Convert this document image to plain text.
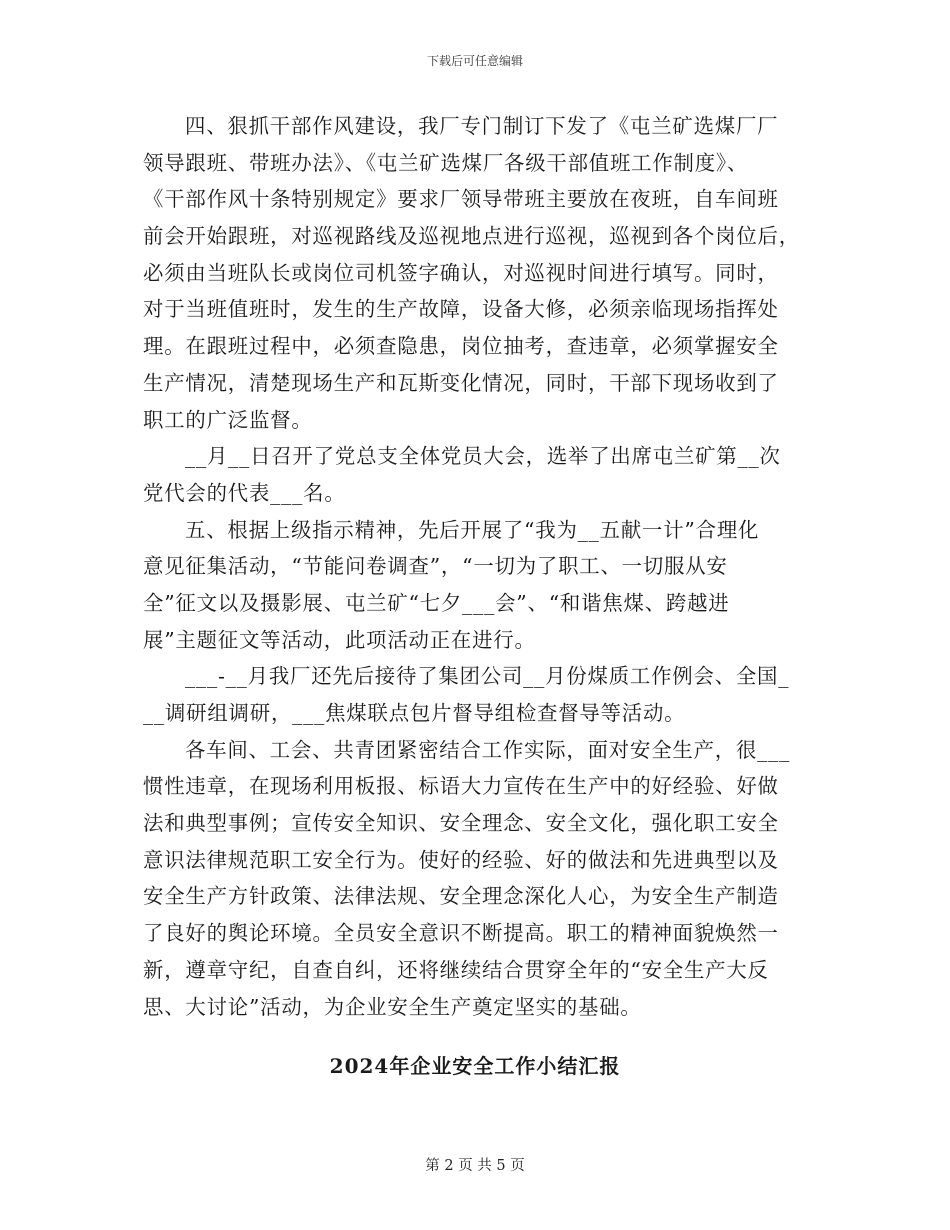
下载后可任意编辑
四、狠抓干部作风建设，我厂专门制订下发了《屯兰矿选煤厂厂
领导跟班、带班办法》、《屯兰矿选煤厂各级干部值班工作制度》、
《干部作风十条特别规定》要求厂领导带班主要放在夜班，自车间班
前会开始跟班，对巡视路线及巡视地点进行巡视，巡视到各个岗位后，
必须由当班队长或岗位司机签字确认，对巡视时间进行填写。同时，
对于当班值班时，发生的生产故障，设备大修，必须亲临现场指挥处
理。在跟班过程中，必须查隐患，岗位抽考，查违章，必须掌握安全
生产情况，清楚现场生产和瓦斯变化情况，同时，干部下现场收到了
职工的广泛监督。
__月__日召开了党总支全体党员大会，选举了出席屯兰矿第__次
党代会的代表___名。
五、根据上级指示精神，先后开展了“我为__五献一计”合理化
意见征集活动，“节能问卷调查”，“一切为了职工、一切服从安
全”征文以及摄影展、屯兰矿“七夕___会”、“和谐焦煤、跨越进
展”主题征文等活动，此项活动正在进行。
___-__月我厂还先后接待了集团公司__月份煤质工作例会、全国_
__调研组调研，___焦煤联点包片督导组检查督导等活动。
各车间、工会、共青团紧密结合工作实际，面对安全生产，很___
惯性违章，在现场利用板报、标语大力宣传在生产中的好经验、好做
法和典型事例；宣传安全知识、安全理念、安全文化，强化职工安全
意识法律规范职工安全行为。使好的经验、好的做法和先进典型以及
安全生产方针政策、法律法规、安全理念深化人心，为安全生产制造
了良好的舆论环境。全员安全意识不断提高。职工的精神面貌焕然一
新，遵章守纪，自查自纠，还将继续结合贯穿全年的“安全生产大反
思、大讨论”活动，为企业安全生产奠定坚实的基础。
2024年企业安全工作小结汇报
第 2 页 共 5 页
